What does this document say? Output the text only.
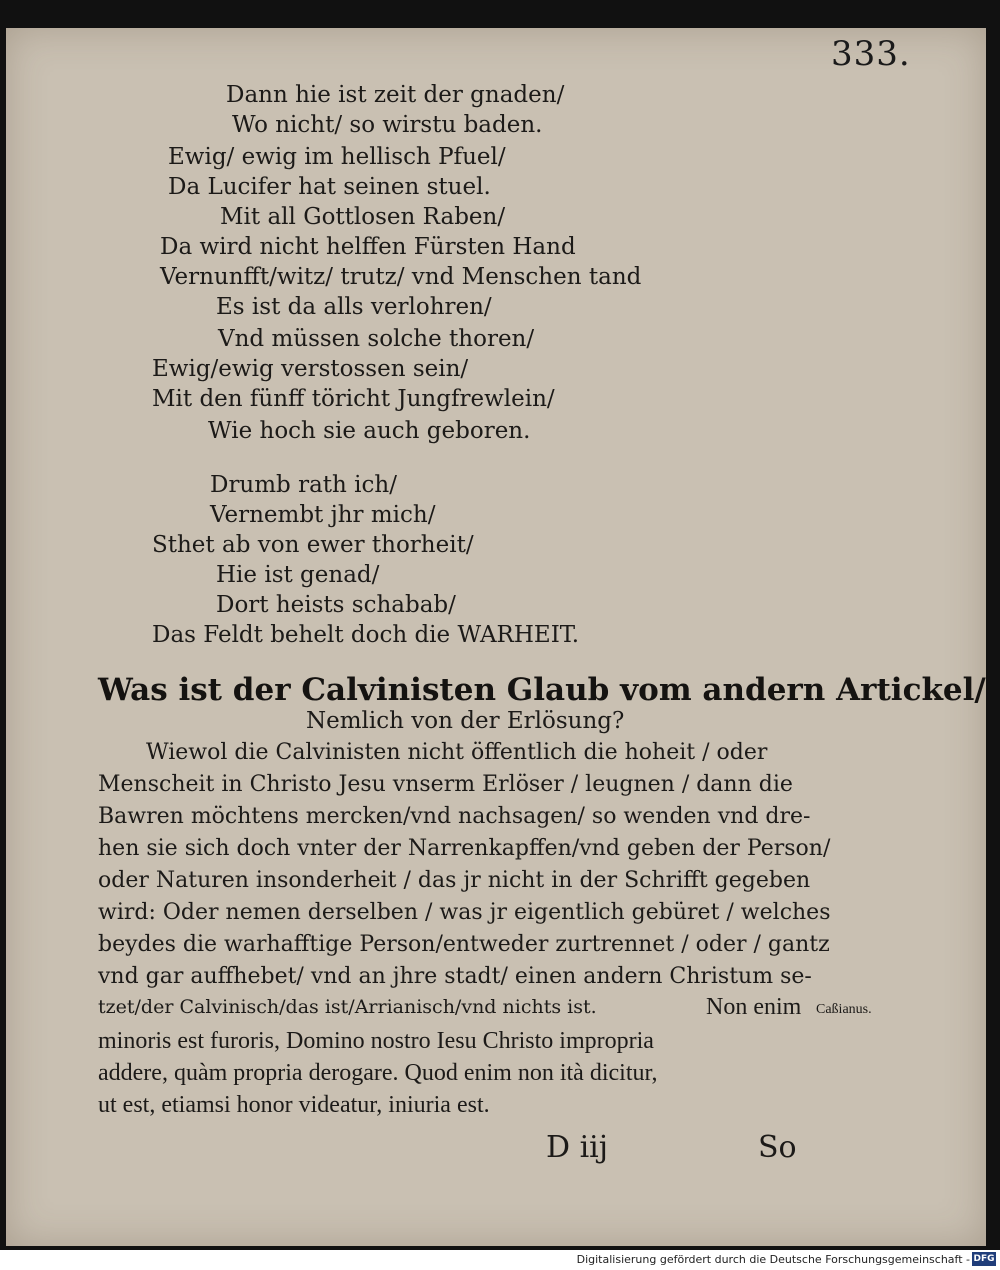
333.
Dann hie ist zeit der gnaden/
Wo nicht/ so wirstu baden.
Ewig/ ewig im hellisch Pfuel/
Da Lucifer hat seinen stuel.
Mit all Gottlosen Raben/
Da wird nicht helffen Fürsten Hand
Vernunfft/witz/ trutz/ vnd Menschen tand
Es ist da alls verlohren/
Vnd müssen solche thoren/
Ewig/ewig verstossen sein/
Mit den fünff töricht Jungfrewlein/
Wie hoch sie auch geboren.
Drumb rath ich/
Vernembt jhr mich/
Sthet ab von ewer thorheit/
Hie ist genad/
Dort heists schabab/
Das Feldt behelt doch die WARHEIT.
Was ist der Calvinisten Glaub vom andern Artickel/
Nemlich von der Erlösung?
Wiewol die Calvinisten nicht öffentlich die hoheit / oder
Menscheit in Christo Jesu vnserm Erlöser / leugnen / dann die
Bawren möchtens mercken/vnd nachsagen/ so wenden vnd dre-
hen sie sich doch vnter der Narrenkapffen/vnd geben der Person/
oder Naturen insonderheit / das jr nicht in der Schrifft gegeben
wird: Oder nemen derselben / was jr eigentlich gebüret / welches
beydes die warhafftige Person/entweder zurtrennet / oder / gantz
vnd gar auffhebet/ vnd an jhre stadt/ einen andern Christum se-
tzet/der Calvinisch/das ist/Arrianisch/vnd nichts ist.	Non enim Caßianus.
minoris est furoris, Domino nostro Iesu Christo impropria
addere, quàm propria derogare. Quod enim non ità dicitur,
ut est, etiamsi honor videatur, iniuria est.
D iij	So
Digitalisierung gefördert durch die Deutsche Forschungsgemeinschaft - DFG
